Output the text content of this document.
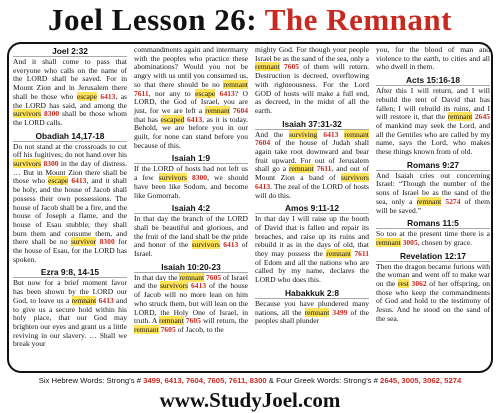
Joel Lesson 26: The Remnant
Joel 2:32
And it shall come to pass that everyone who calls on the name of the LORD shall be saved. For in Mount Zion and in Jerusalem there shall be those who escape 6413, as the LORD has said, and among the survivors 8300 shall be those whom the LORD calls.
Obadiah 14,17-18
Do not stand at the crossroads to cut off his fugitives; do not hand over his survivors 8300 in the day of distress. … But in Mount Zion there shall be those who escape 6413, and it shall be holy, and the house of Jacob shall possess their own possessions. The house of Jacob shall be a fire, and the house of Joseph a flame, and the house of Esau stubble; they shall burn them and consume them, and there shall be no survivor 8300 for the house of Esau, for the LORD has spoken.
Ezra 9:8, 14-15
But now for a brief moment favor has been shown by the LORD our God, to leave us a remnant 6413 and to give us a secure hold within his holy place, that our God may brighten our eyes and grant us a little reviving in our slavery. … Shall we break your
commandments again and intermarry with the peoples who practice these abominations? Would you not be angry with us until you consumed us, so that there should be no remnant 7611, nor any to escape 6413? O LORD, the God of Israel, you are just, for we are left a remnant 7604 that has escaped 6413, as it is today. Behold, we are before you in our guilt, for none can stand before you because of this.
Isaiah 1:9
If the LORD of hosts had not left us a few survivors 8300, we should have been like Sodom, and become like Gomorrah.
Isaiah 4:2
In that day the branch of the LORD shall be beautiful and glorious, and the fruit of the land shall be the pride and honor of the survivors 6413 of Israel.
Isaiah 10:20-23
In that day the remnant 7605 of Israel and the survivors 6413 of the house of Jacob will no more lean on him who struck them, but will lean on the LORD, the Holy One of Israel, in truth. A remnant 7605 will return, the remnant 7605 of Jacob, to the
mighty God. For though your people Israel be as the sand of the sea, only a remnant 7605 of them will return. Destruction is decreed, overflowing with righteousness. For the Lord GOD of hosts will make a full end, as decreed, in the midst of all the earth.
Isaiah 37:31-32
And the surviving 6413 remnant 7604 of the house of Judah shall again take root downward and bear fruit upward. For out of Jerusalem shall go a remnant 7611, and out of Mount Zion a band of survivors 6413. The zeal of the LORD of hosts will do this.
Amos 9:11-12
In that day I will raise up the booth of David that is fallen and repair its breaches, and raise up its ruins and rebuild it as in the days of old, that they may possess the remnant 7611 of Edom and all the nations who are called by my name, declares the LORD who does this.
Habakkuk 2:8
Because you have plundered many nations, all the remnant 3499 of the peoples shall plunder
you, for the blood of man and violence to the earth, to cities and all who dwell in them.
Acts 15:16-18
After this I will return, and I will rebuild the tent of David that has fallen; I will rebuild its ruins, and I will restore it, that the remnant 2645 of mankind may seek the Lord, and all the Gentiles who are called by my name, says the Lord, who makes these things known from of old.
Romans 9:27
And Isaiah cries out concerning Israel: “Though the number of the sons of Israel be as the sand of the sea, only a remnant 5274 of them will be saved.”
Romans 11:5
So too at the present time there is a remnant 3005, chosen by grace.
Revelation 12:17
Then the dragon became furious with the woman and went off to make war on the rest 3062 of her offspring, on those who keep the commandments of God and hold to the testimony of Jesus. And he stood on the sand of the sea.
Six Hebrew Words: Strong’s # 3499, 6413, 7604, 7605, 7611, 8300 & Four Greek Words: Strong’s # 2645, 3005, 3062, 5274
www.StudyJoel.com
